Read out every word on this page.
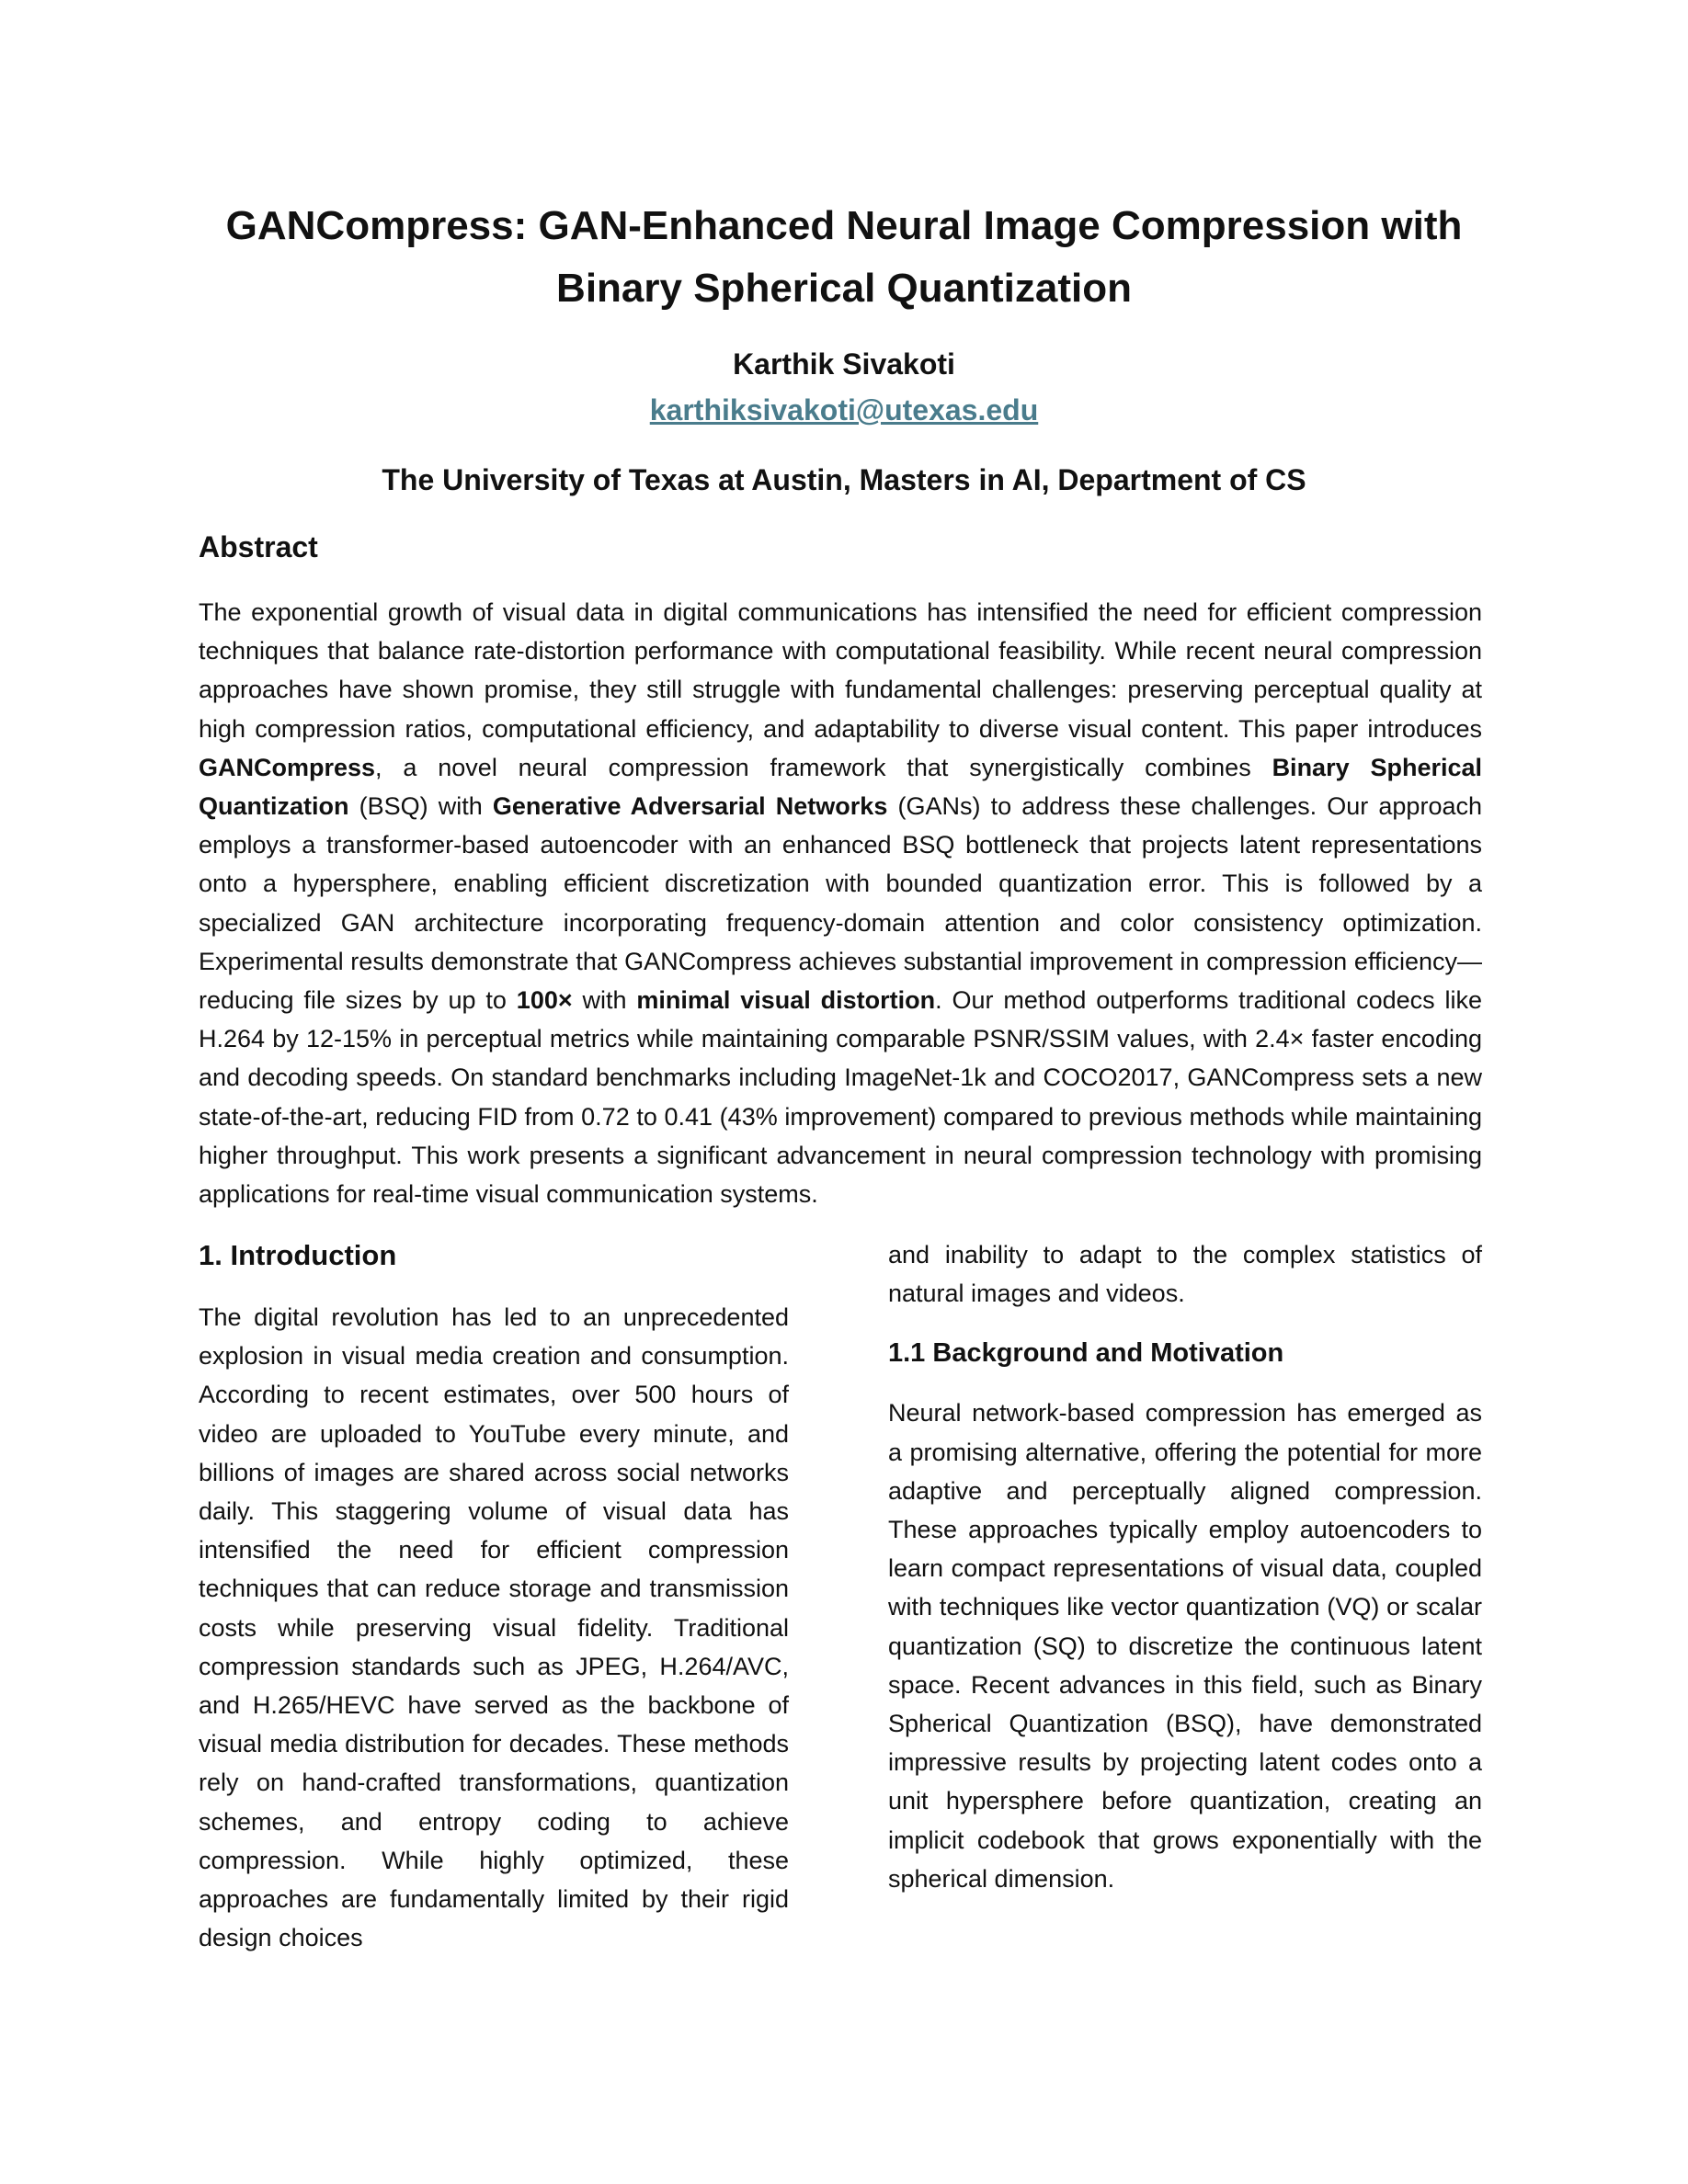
GANCompress: GAN-Enhanced Neural Image Compression with Binary Spherical Quantization

Karthik Sivakoti

karthiksivakoti@utexas.edu

The University of Texas at Austin, Masters in AI, Department of CS

Abstract

The exponential growth of visual data in digital communications has intensified the need for efficient compression techniques that balance rate-distortion performance with computational feasibility. While recent neural compression approaches have shown promise, they still struggle with fundamental challenges: preserving perceptual quality at high compression ratios, computational efficiency, and adaptability to diverse visual content. This paper introduces GANCompress, a novel neural compression framework that synergistically combines Binary Spherical Quantization (BSQ) with Generative Adversarial Networks (GANs) to address these challenges. Our approach employs a transformer-based autoencoder with an enhanced BSQ bottleneck that projects latent representations onto a hypersphere, enabling efficient discretization with bounded quantization error. This is followed by a specialized GAN architecture incorporating frequency-domain attention and color consistency optimization. Experimental results demonstrate that GANCompress achieves substantial improvement in compression efficiency—reducing file sizes by up to 100× with minimal visual distortion. Our method outperforms traditional codecs like H.264 by 12-15% in perceptual metrics while maintaining comparable PSNR/SSIM values, with 2.4× faster encoding and decoding speeds. On standard benchmarks including ImageNet-1k and COCO2017, GANCompress sets a new state-of-the-art, reducing FID from 0.72 to 0.41 (43% improvement) compared to previous methods while maintaining higher throughput. This work presents a significant advancement in neural compression technology with promising applications for real-time visual communication systems.

1. Introduction

The digital revolution has led to an unprecedented explosion in visual media creation and consumption. According to recent estimates, over 500 hours of video are uploaded to YouTube every minute, and billions of images are shared across social networks daily. This staggering volume of visual data has intensified the need for efficient compression techniques that can reduce storage and transmission costs while preserving visual fidelity. Traditional compression standards such as JPEG, H.264/AVC, and H.265/HEVC have served as the backbone of visual media distribution for decades. These methods rely on hand-crafted transformations, quantization schemes, and entropy coding to achieve compression. While highly optimized, these approaches are fundamentally limited by their rigid design choices

and inability to adapt to the complex statistics of natural images and videos.

1.1 Background and Motivation

Neural network-based compression has emerged as a promising alternative, offering the potential for more adaptive and perceptually aligned compression. These approaches typically employ autoencoders to learn compact representations of visual data, coupled with techniques like vector quantization (VQ) or scalar quantization (SQ) to discretize the continuous latent space. Recent advances in this field, such as Binary Spherical Quantization (BSQ), have demonstrated impressive results by projecting latent codes onto a unit hypersphere before quantization, creating an implicit codebook that grows exponentially with the spherical dimension.
